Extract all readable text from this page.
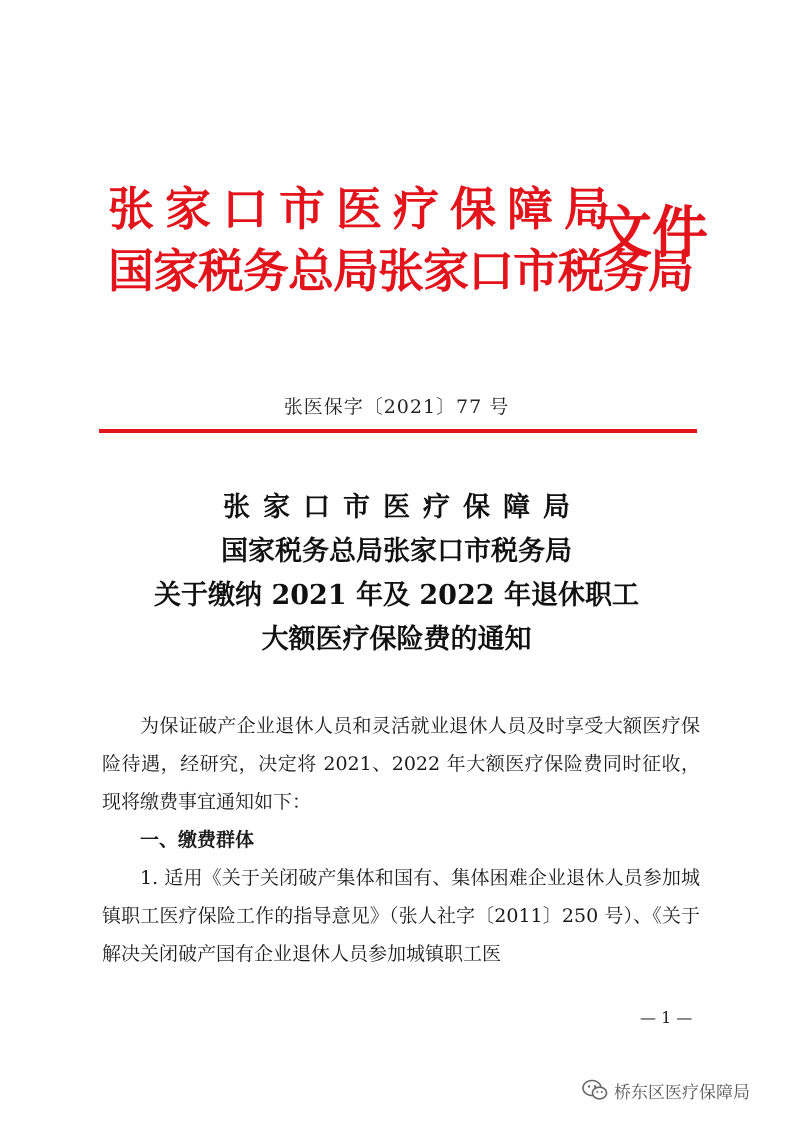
张家口市医疗保障局
国家税务总局张家口市税务局
文件
张医保字〔2021〕77 号
张家口市医疗保障局
国家税务总局张家口市税务局
关于缴纳 2021 年及 2022 年退休职工
大额医疗保险费的通知

为保证破产企业退休人员和灵活就业退休人员及时享受大额医疗保险待遇，经研究，决定将 2021、2022 年大额医疗保险费同时征收，现将缴费事宜通知如下：

一、缴费群体

1. 适用《关于关闭破产集体和国有、集体困难企业退休人员参加城镇职工医疗保险工作的指导意见》（张人社字〔2011〕250 号）、《关于解决关闭破产国有企业退休人员参加城镇职工医

— 1 —
桥东区医疗保障局
